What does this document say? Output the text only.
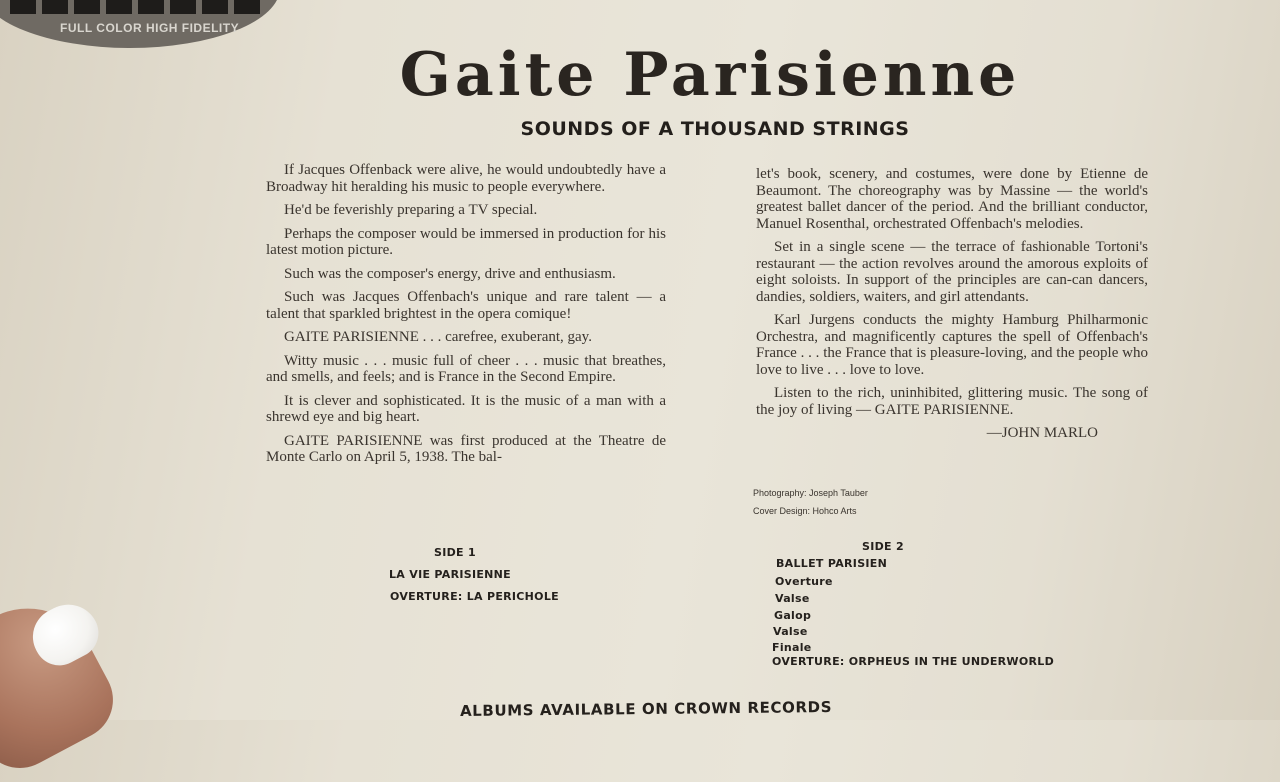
FULL COLOR HIGH FIDELITY
Gaite Parisienne
SOUNDS OF A THOUSAND STRINGS

If Jacques Offenback were alive, he would undoubtedly have a Broadway hit heralding his music to people everywhere.

He'd be feverishly preparing a TV special.

Perhaps the composer would be immersed in production for his latest motion picture.

Such was the composer's energy, drive and enthusiasm.

Such was Jacques Offenbach's unique and rare talent — a talent that sparkled brightest in the opera comique!

GAITE PARISIENNE . . . carefree, exuberant, gay.

Witty music . . . music full of cheer . . . music that breathes, and smells, and feels; and is France in the Second Empire.

It is clever and sophisticated. It is the music of a man with a shrewd eye and big heart.

GAITE PARISIENNE was first produced at the Theatre de Monte Carlo on April 5, 1938. The bal-

let's book, scenery, and costumes, were done by Etienne de Beaumont. The choreography was by Massine — the world's greatest ballet dancer of the period. And the brilliant conductor, Manuel Rosenthal, orchestrated Offenbach's melodies.

Set in a single scene — the terrace of fashionable Tortoni's restaurant — the action revolves around the amorous exploits of eight soloists. In support of the principles are can-can dancers, dandies, soldiers, waiters, and girl attendants.

Karl Jurgens conducts the mighty Hamburg Philharmonic Orchestra, and magnificently captures the spell of Offenbach's France . . . the France that is pleasure-loving, and the people who love to live . . . love to love.

Listen to the rich, uninhibited, glittering music. The song of the joy of living — GAITE PARISIENNE.

—JOHN MARLO
Photography: Joseph Tauber
Cover Design: Hohco Arts
SIDE 1
LA VIE PARISIENNE
OVERTURE: LA PERICHOLE
SIDE 2
BALLET PARISIEN
Overture
Valse
Galop
Valse
Finale
OVERTURE: ORPHEUS IN THE UNDERWORLD
ALBUMS AVAILABLE ON CROWN RECORDS
